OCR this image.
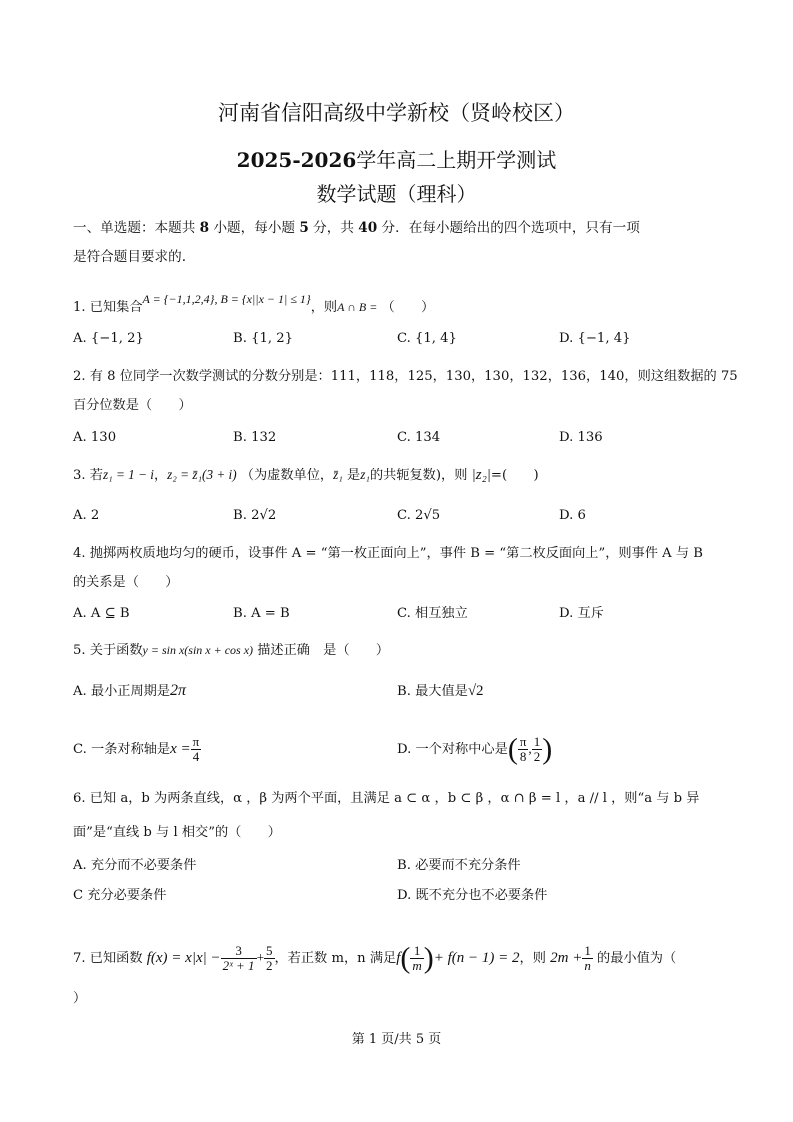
河南省信阳高级中学新校（贤岭校区）
2025-2026学年高二上期开学测试
数学试题（理科）
一、单选题：本题共 8 小题，每小题 5 分，共 40 分．在每小题给出的四个选项中，只有一项
是符合题目要求的.
1. 已知集合A = {−1,1,2,4}, B = {x||x − 1| ≤ 1}，则A ∩ B = （　　）
A. {−1, 2}	B. {1, 2}	C. {1, 4}	D. {−1, 4}
2. 有 8 位同学一次数学测试的分数分别是：111，118，125，130，130，132，136，140，则这组数据的 75
百分位数是（　　）
A. 130	B. 132	C. 134	D. 136
3. 若z₁ = 1 − i，z₂ = z̄₁(3 + i) （为虚数单位，z̄₁ 是z₁的共轭复数)，则 |z₂|=(　　)
A. 2	B. 2√2	C. 2√5	D. 6
4. 抛掷两枚质地均匀的硬币，设事件 A = “第一枚正面向上”，事件 B = “第二枚反面向上”，则事件 A 与 B
的关系是（　　）
A. A ⊆ B	B. A = B	C. 相互独立	D. 互斥
5. 关于函数y = sin x(sin x + cos x) 描述正确　是（　　）
A. 最小正周期是2π	B. 最大值是√2
C. 一条对称轴是$x = \frac{\pi}{4}$	D. 一个对称中心是( $\frac{\pi}{8}$ , $\frac{1}{2}$ )
6. 已知 a，b 为两条直线，α ，β 为两个平面，且满足 a ⊂ α ，b ⊂ β ，α ∩ β = l ，a // l ，则“a 与 b 异
面”是“直线 b 与 l 相交”的（　　）
A. 充分而不必要条件	B. 必要而不充分条件
C 充分必要条件	D. 既不充分也不必要条件
7. 已知函数 $f(x) = x|x| - \frac{3}{\text{2ˣ + 1}} + \frac{5}{2}$ ，若正数 m，n 满足$f( \frac{1}{m}$ )+ f(n − 1) = 2，则 $2m + \frac{1}{n}$ 的最小值为（
）
第 1 页/共 5 页
